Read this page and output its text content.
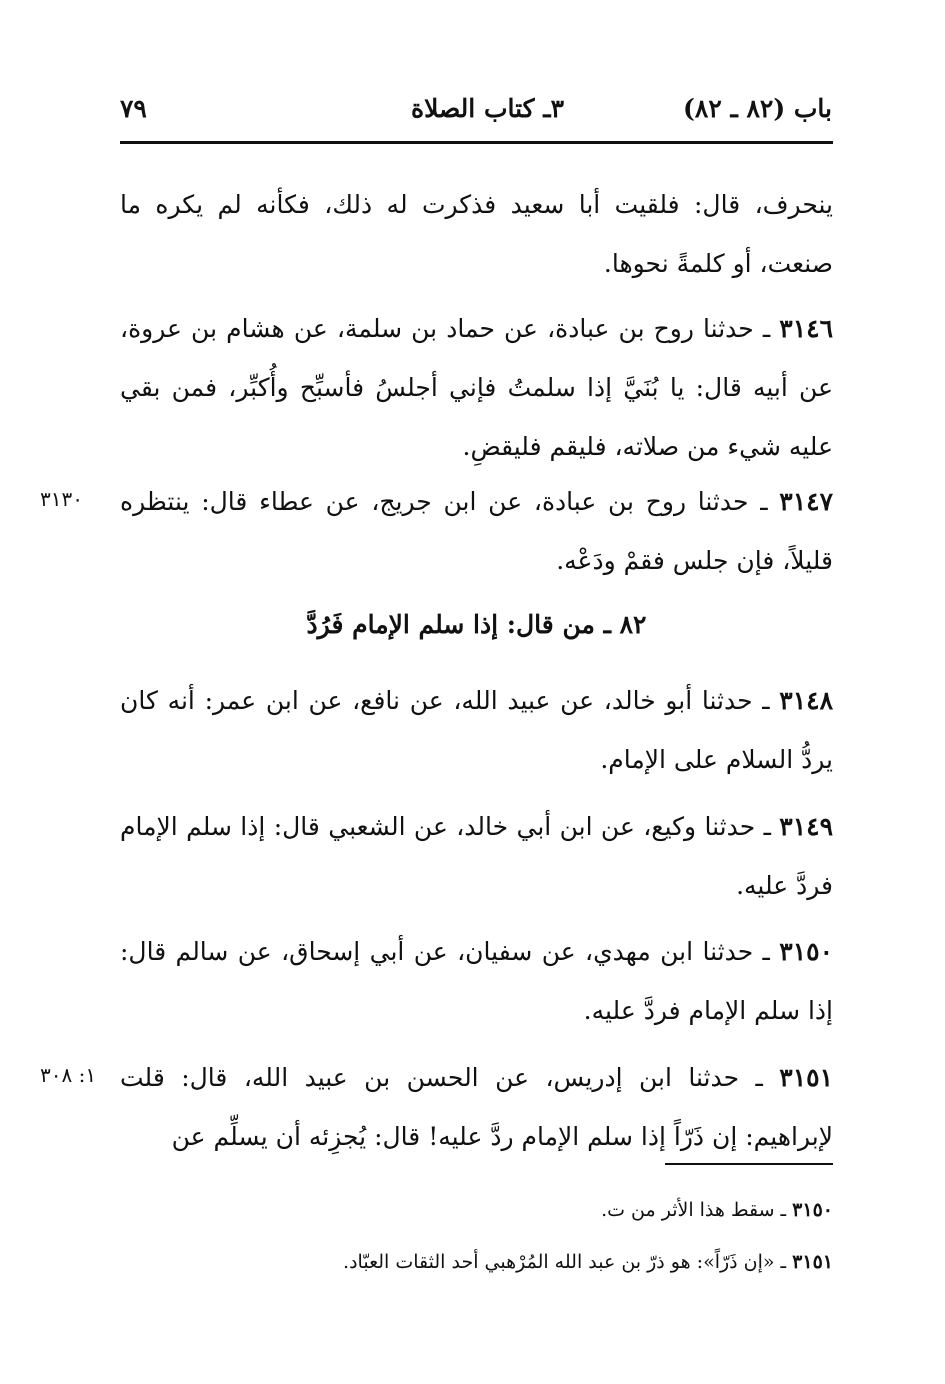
باب (٨٢ ـ ٨٢)
٣ـ كتاب الصلاة
٧٩
ينحرف، قال: فلقيت أبا سعيد فذكرت له ذلك، فكأنه لم يكره ما صنعت، أو كلمةً نحوها.
٣١٤٦ ـ حدثنا روح بن عبادة، عن حماد بن سلمة، عن هشام بن عروة، عن أبيه قال: يا بُنَيَّ إذا سلمتُ فإني أجلسُ فأسبِّح وأُكبِّر، فمن بقي عليه شيء من صلاته، فليقم فليقضِ.
٣١٤٧ ـ حدثنا روح بن عبادة، عن ابن جريج، عن عطاء قال: ينتظره قليلاً، فإن جلس فقمْ ودَعْه.
٣١٣٠
٨٢ ـ من قال: إذا سلم الإمام فَرُدَّ
٣١٤٨ ـ حدثنا أبو خالد، عن عبيد الله، عن نافع، عن ابن عمر: أنه كان يردُّ السلام على الإمام.
٣١٤٩ ـ حدثنا وكيع، عن ابن أبي خالد، عن الشعبي قال: إذا سلم الإمام فردَّ عليه.
٣١٥٠ ـ حدثنا ابن مهدي، عن سفيان، عن أبي إسحاق، عن سالم قال: إذا سلم الإمام فردَّ عليه.
٣١٥١ ـ حدثنا ابن إدريس، عن الحسن بن عبيد الله، قال: قلت لإبراهيم: إن ذَرّاً إذا سلم الإمام ردَّ عليه! قال: يُجزِئه أن يسلِّم عن
١: ٣٠٨
٣١٥٠ ـ سقط هذا الأثر من ت.
٣١٥١ ـ «إن ذَرّاً»: هو ذرّ بن عبد الله المُرْهبي أحد الثقات العبّاد.
